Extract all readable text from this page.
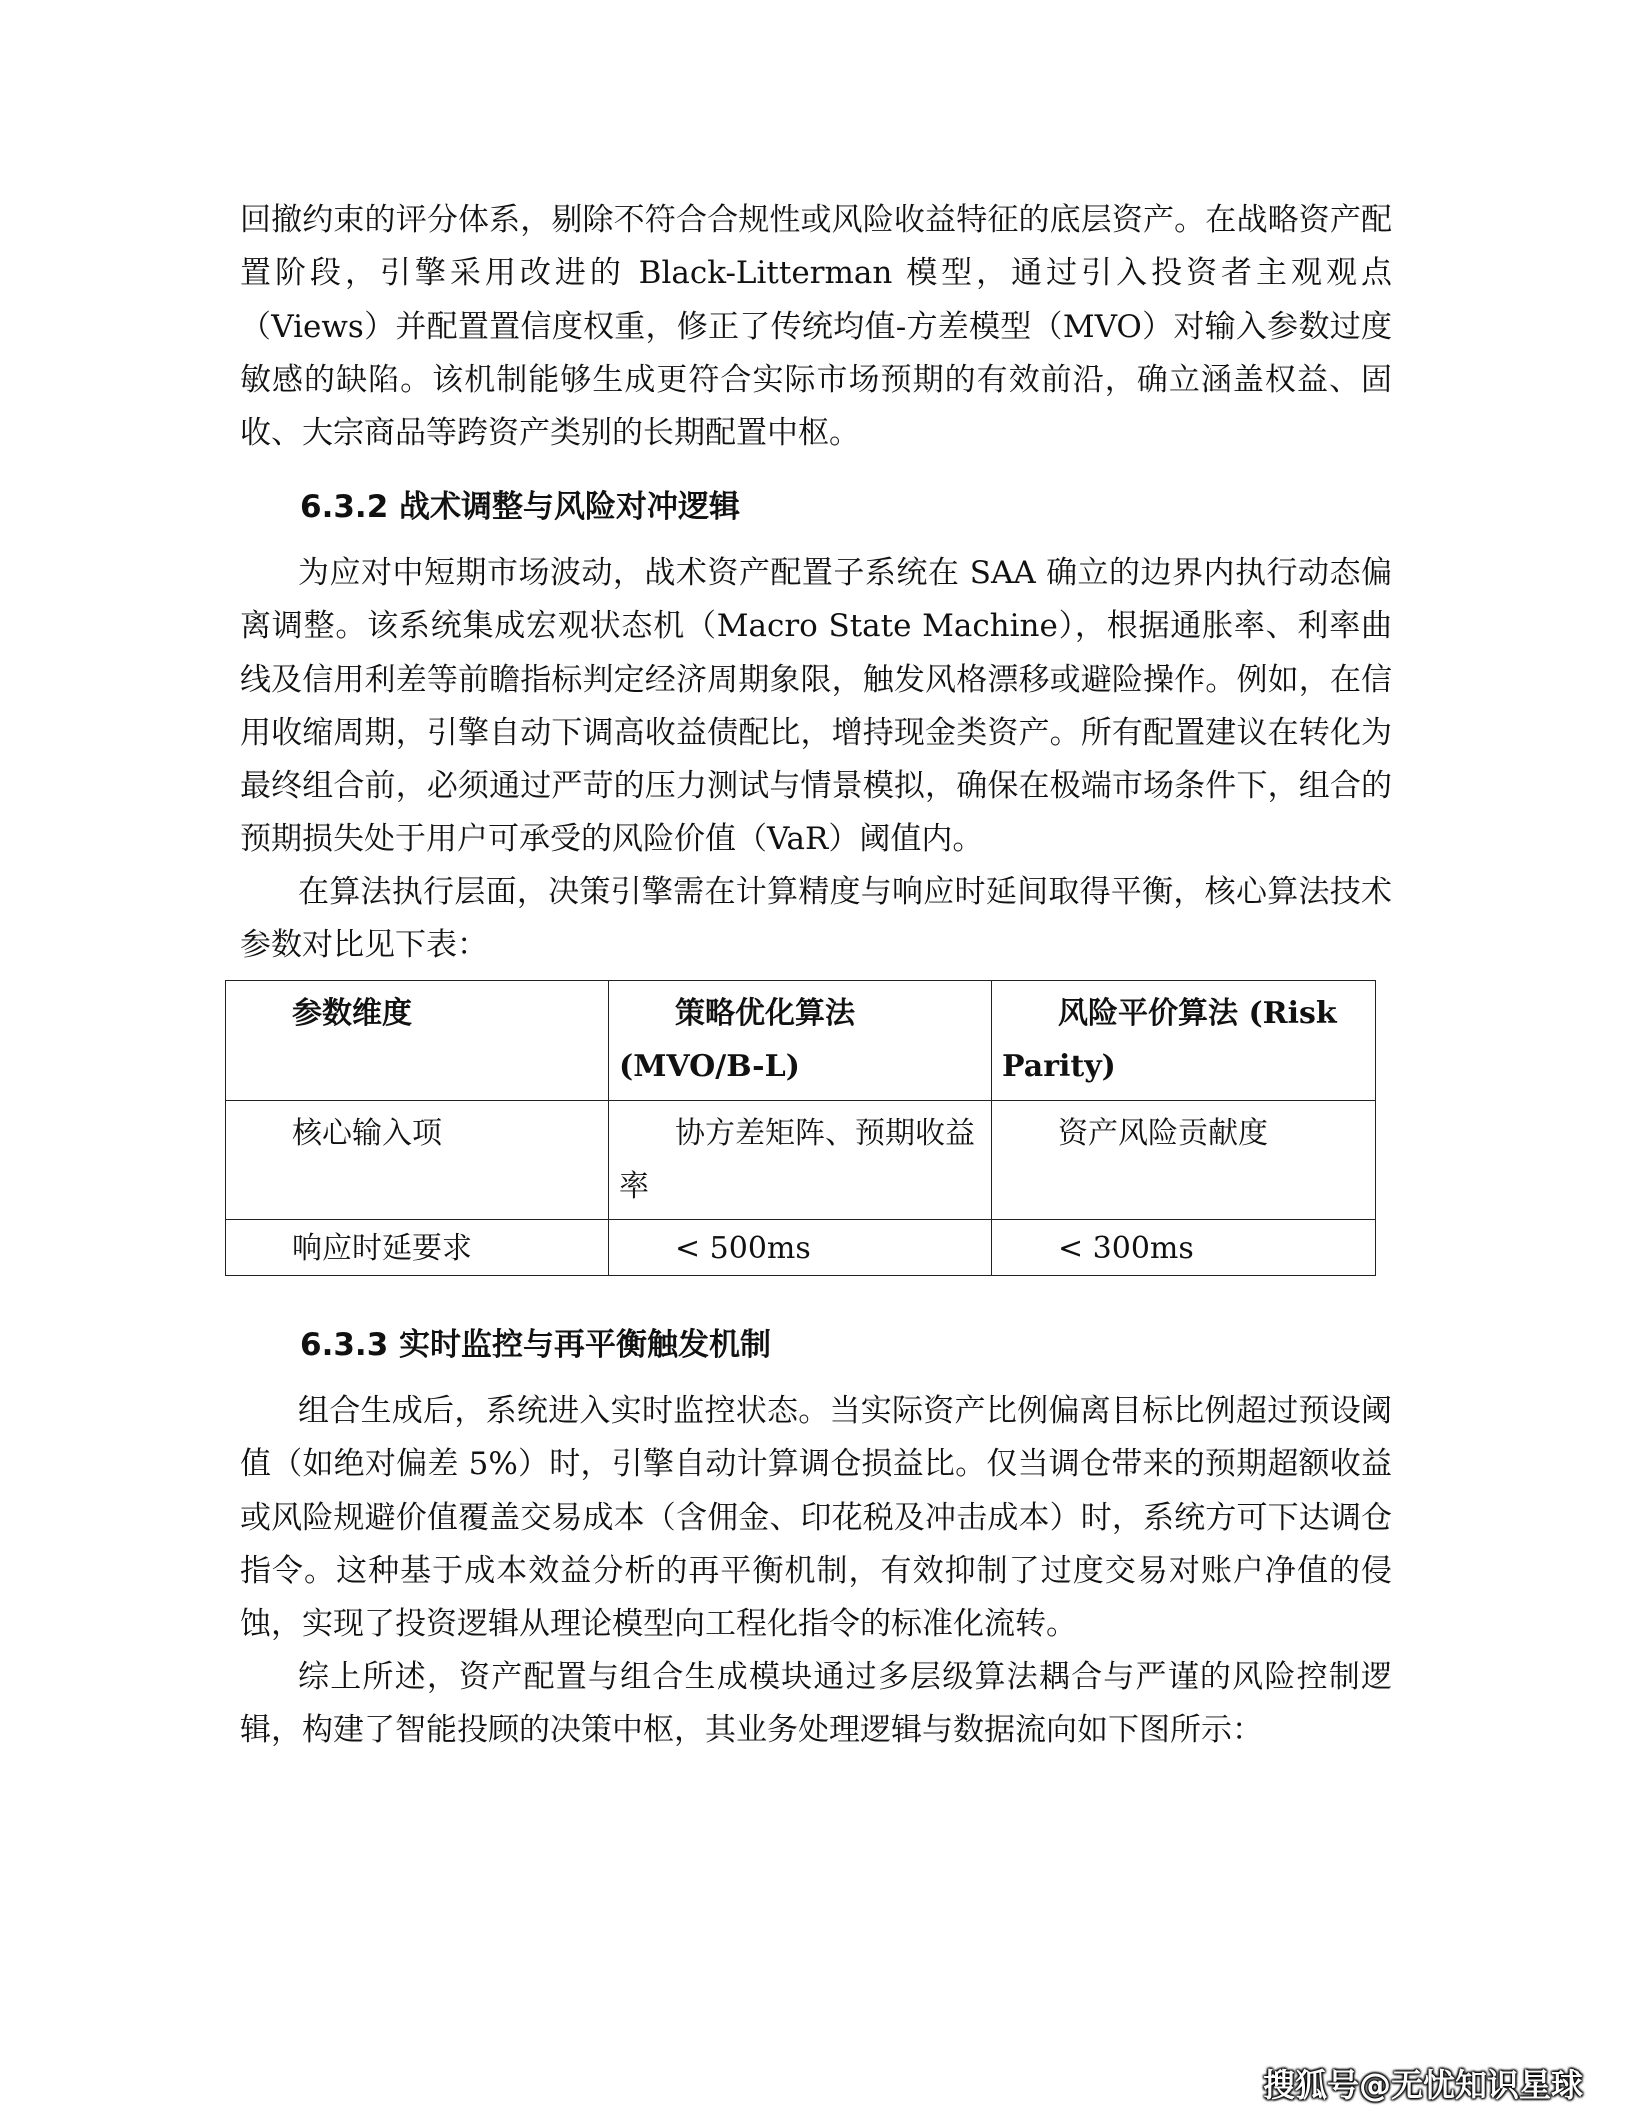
回撤约束的评分体系，剔除不符合合规性或风险收益特征的底层资产。在战略资产配置阶段，引擎采用改进的 Black-Litterman 模型，通过引入投资者主观观点（Views）并配置置信度权重，修正了传统均值-方差模型（MVO）对输入参数过度敏感的缺陷。该机制能够生成更符合实际市场预期的有效前沿，确立涵盖权益、固收、大宗商品等跨资产类别的长期配置中枢。

6.3.2 战术调整与风险对冲逻辑

为应对中短期市场波动，战术资产配置子系统在 SAA 确立的边界内执行动态偏离调整。该系统集成宏观状态机（Macro State Machine），根据通胀率、利率曲线及信用利差等前瞻指标判定经济周期象限，触发风格漂移或避险操作。例如，在信用收缩周期，引擎自动下调高收益债配比，增持现金类资产。所有配置建议在转化为最终组合前，必须通过严苛的压力测试与情景模拟，确保在极端市场条件下，组合的预期损失处于用户可承受的风险价值（VaR）阈值内。

在算法执行层面，决策引擎需在计算精度与响应时延间取得平衡，核心算法技术参数对比见下表：

参数维度	策略优化算法 (MVO/B-L)	风险平价算法 (Risk Parity)
核心输入项	协方差矩阵、预期收益率	资产风险贡献度
响应时延要求	< 500ms	< 300ms
6.3.3 实时监控与再平衡触发机制

组合生成后，系统进入实时监控状态。当实际资产比例偏离目标比例超过预设阈值（如绝对偏差 5%）时，引擎自动计算调仓损益比。仅当调仓带来的预期超额收益或风险规避价值覆盖交易成本（含佣金、印花税及冲击成本）时，系统方可下达调仓指令。这种基于成本效益分析的再平衡机制，有效抑制了过度交易对账户净值的侵蚀，实现了投资逻辑从理论模型向工程化指令的标准化流转。

综上所述，资产配置与组合生成模块通过多层级算法耦合与严谨的风险控制逻辑，构建了智能投顾的决策中枢，其业务处理逻辑与数据流向如下图所示：

搜狐号@无忧知识星球
